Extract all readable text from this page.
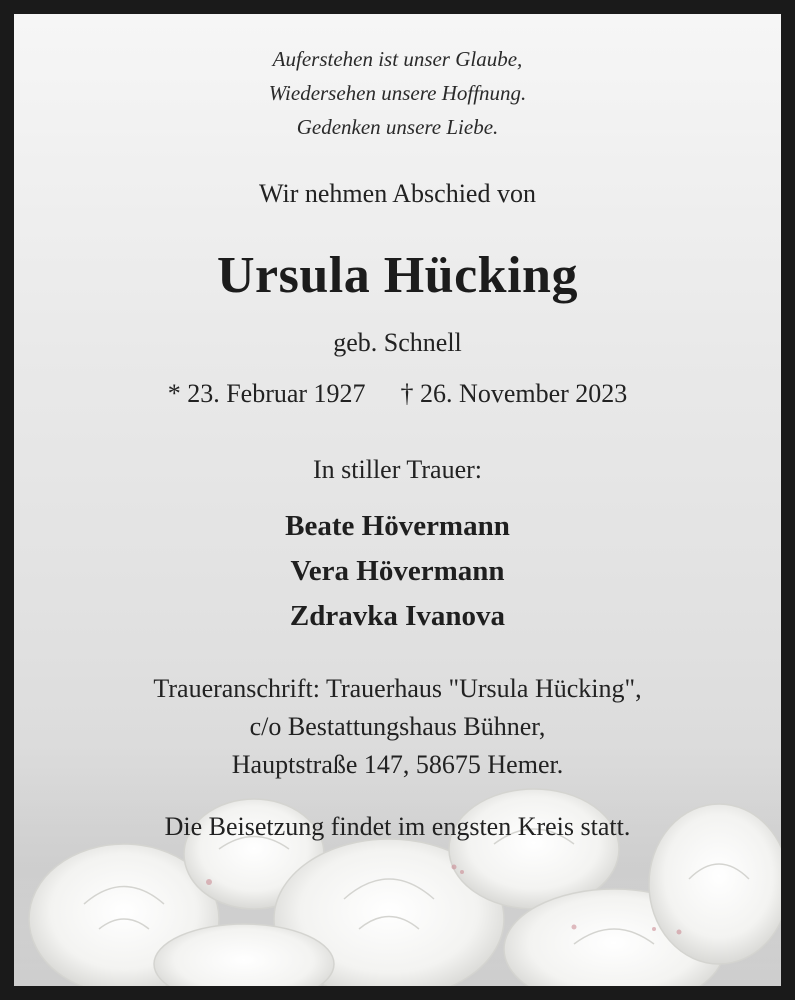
Auferstehen ist unser Glaube,
Wiedersehen unsere Hoffnung.
Gedenken unsere Liebe.
Wir nehmen Abschied von
Ursula Hücking
geb. Schnell
* 23. Februar 1927 † 26. November 2023
In stiller Trauer:
Beate Hövermann
Vera Hövermann
Zdravka Ivanova
Traueranschrift: Trauerhaus "Ursula Hücking",
c/o Bestattungshaus Bühner,
Hauptstraße 147, 58675 Hemer.
Die Beisetzung findet im engsten Kreis statt.
